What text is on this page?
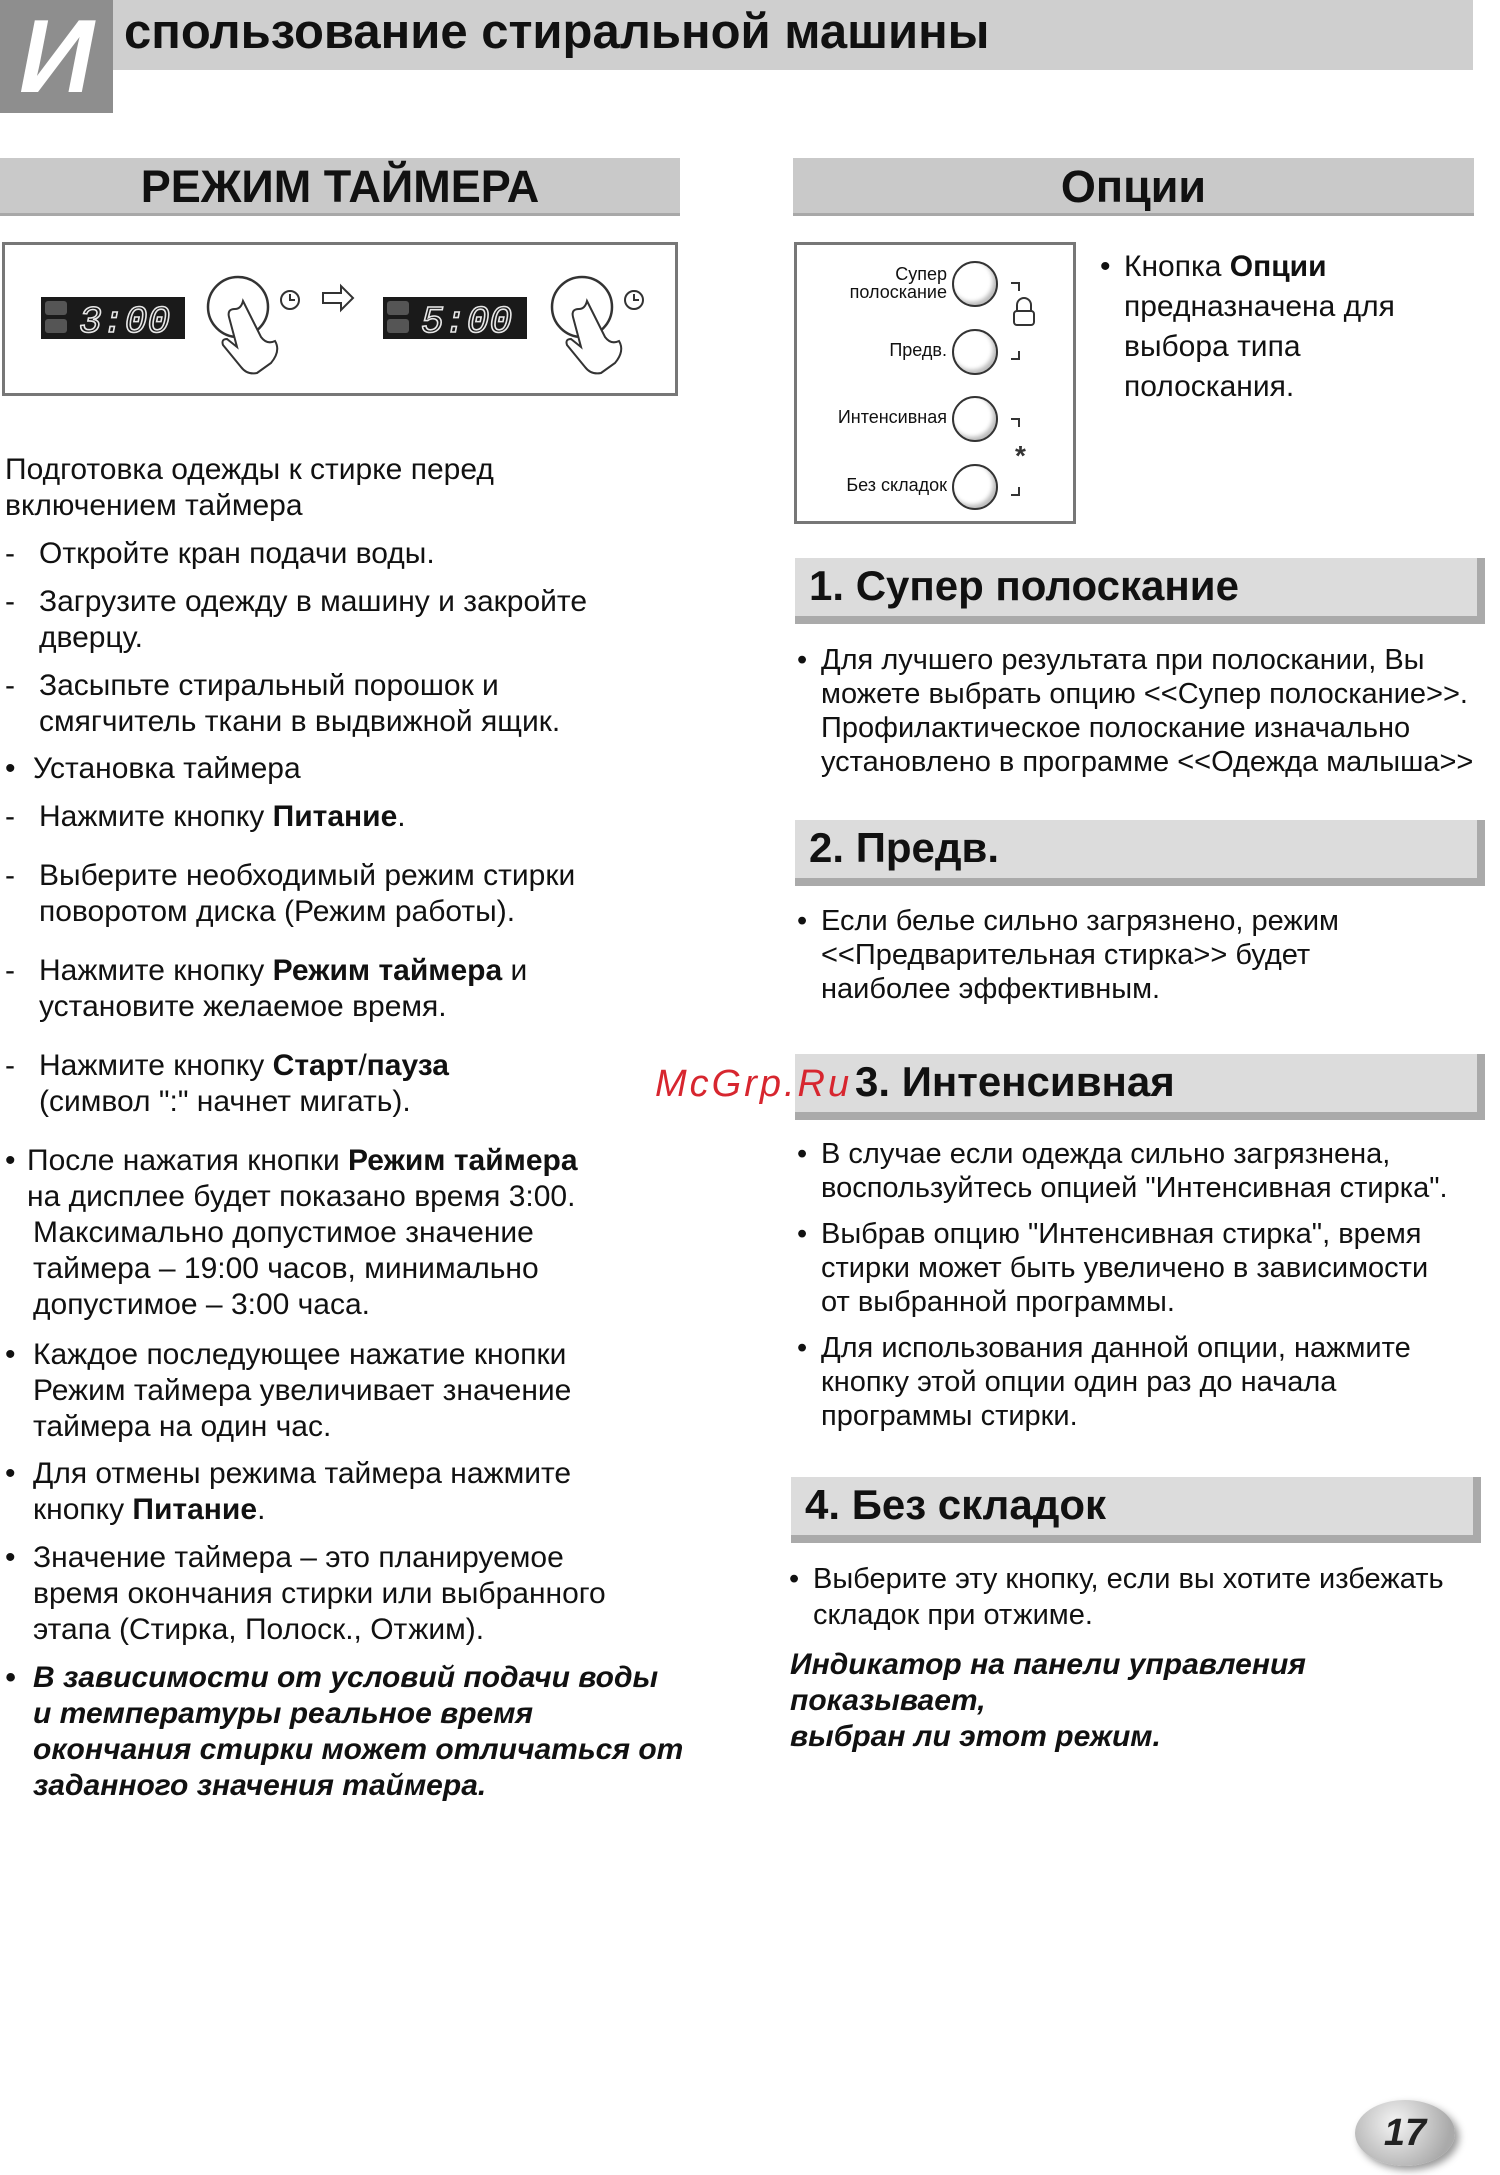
И спользование стиральной машины
РЕЖИМ ТАЙМЕРА	Опции
3:00	5:00
Подготовка одежды к стирке перед
включением таймера
- Откройте кран подачи воды.
- Загрузите одежду в машину и закройте
дверцу.
- Засыпьте стиральный порошок и
смягчитель ткани в выдвижной ящик.
• Установка таймера
- Нажмите кнопку Питание.
- Выберите необходимый режим стирки
поворотом диска (Режим работы).
- Нажмите кнопку Режим таймера и
установите желаемое время.
- Нажмите кнопку Старт/пауза
(символ ":" начнет мигать).
• После нажатия кнопки Режим таймера
на дисплее будет показано время 3:00.
Максимально допустимое значение
таймера – 19:00 часов, минимально
допустимое – 3:00 часа.
• Каждое последующее нажатие кнопки
Режим таймера увеличивает значение
таймера на один час.
• Для отмены режима таймера нажмите
кнопку Питание.
• Значение таймера – это планируемое
время окончания стирки или выбранного
этапа (Стирка, Полоск., Отжим).
• В зависимости от условий подачи воды
и температуры реальное время
окончания стирки может отличаться от
заданного значения таймера.
Супер
полоскание
Предв.
Интенсивная
Без складок
*
• Кнопка Опции
предназначена для
выбора типа
полоскания.
1. Супер полоскание
• Для лучшего результата при полоскании, Вы
можете выбрать опцию <<Супер полоскание>>.
Профилактическое полоскание изначально
установлено в программе <<Одежда малыша>>
2. Предв.
• Если белье сильно загрязнено, режим
<<Предварительная стирка>> будет
наиболее эффективным.
3. Интенсивная
McGrp.Ru
• В случае если одежда сильно загрязнена,
воспользуйтесь опцией "Интенсивная стирка".
• Выбрав опцию "Интенсивная стирка", время
стирки может быть увеличено в зависимости
от выбранной программы.
• Для использования данной опции, нажмите
кнопку этой опции один раз до начала
программы стирки.
4. Без складок
• Выберите эту кнопку, если вы хотите избежать
складок при отжиме.
Индикатор на панели управления показывает,
выбран ли этот режим.
17
